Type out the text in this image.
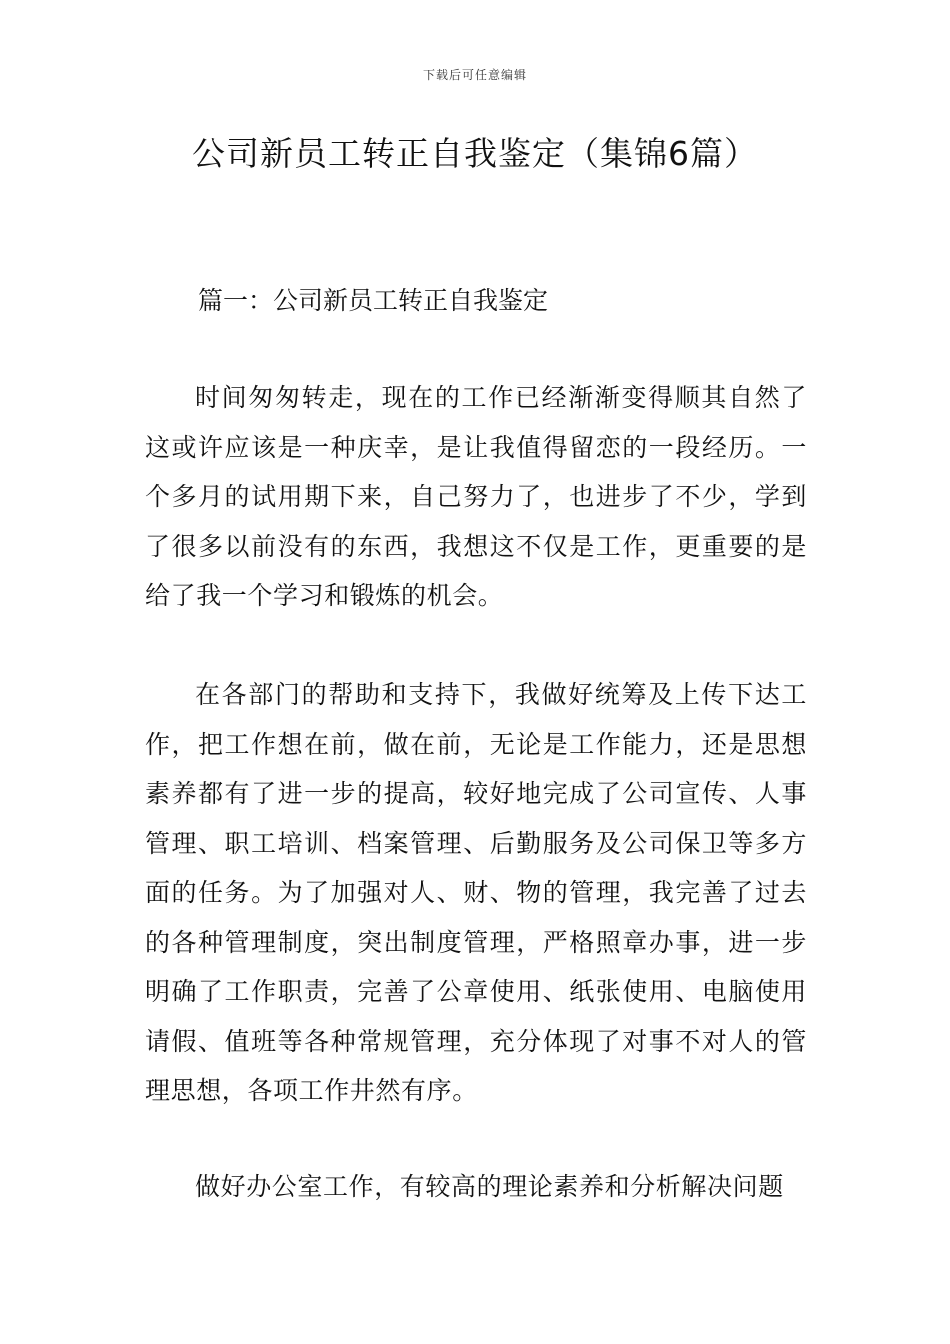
下载后可任意编辑
公司新员工转正自我鉴定（集锦6篇）
篇一：公司新员工转正自我鉴定

时间匆匆转走，现在的工作已经渐渐变得顺其自然了这或许应该是一种庆幸，是让我值得留恋的一段经历。一个多月的试用期下来，自己努力了，也进步了不少，学到了很多以前没有的东西，我想这不仅是工作，更重要的是给了我一个学习和锻炼的机会。

在各部门的帮助和支持下，我做好统筹及上传下达工作，把工作想在前，做在前，无论是工作能力，还是思想素养都有了进一步的提高，较好地完成了公司宣传、人事管理、职工培训、档案管理、后勤服务及公司保卫等多方面的任务。为了加强对人、财、物的管理，我完善了过去的各种管理制度，突出制度管理，严格照章办事，进一步明确了工作职责，完善了公章使用、纸张使用、电脑使用请假、值班等各种常规管理，充分体现了对事不对人的管理思想，各项工作井然有序。

做好办公室工作，有较高的理论素养和分析解决问题
